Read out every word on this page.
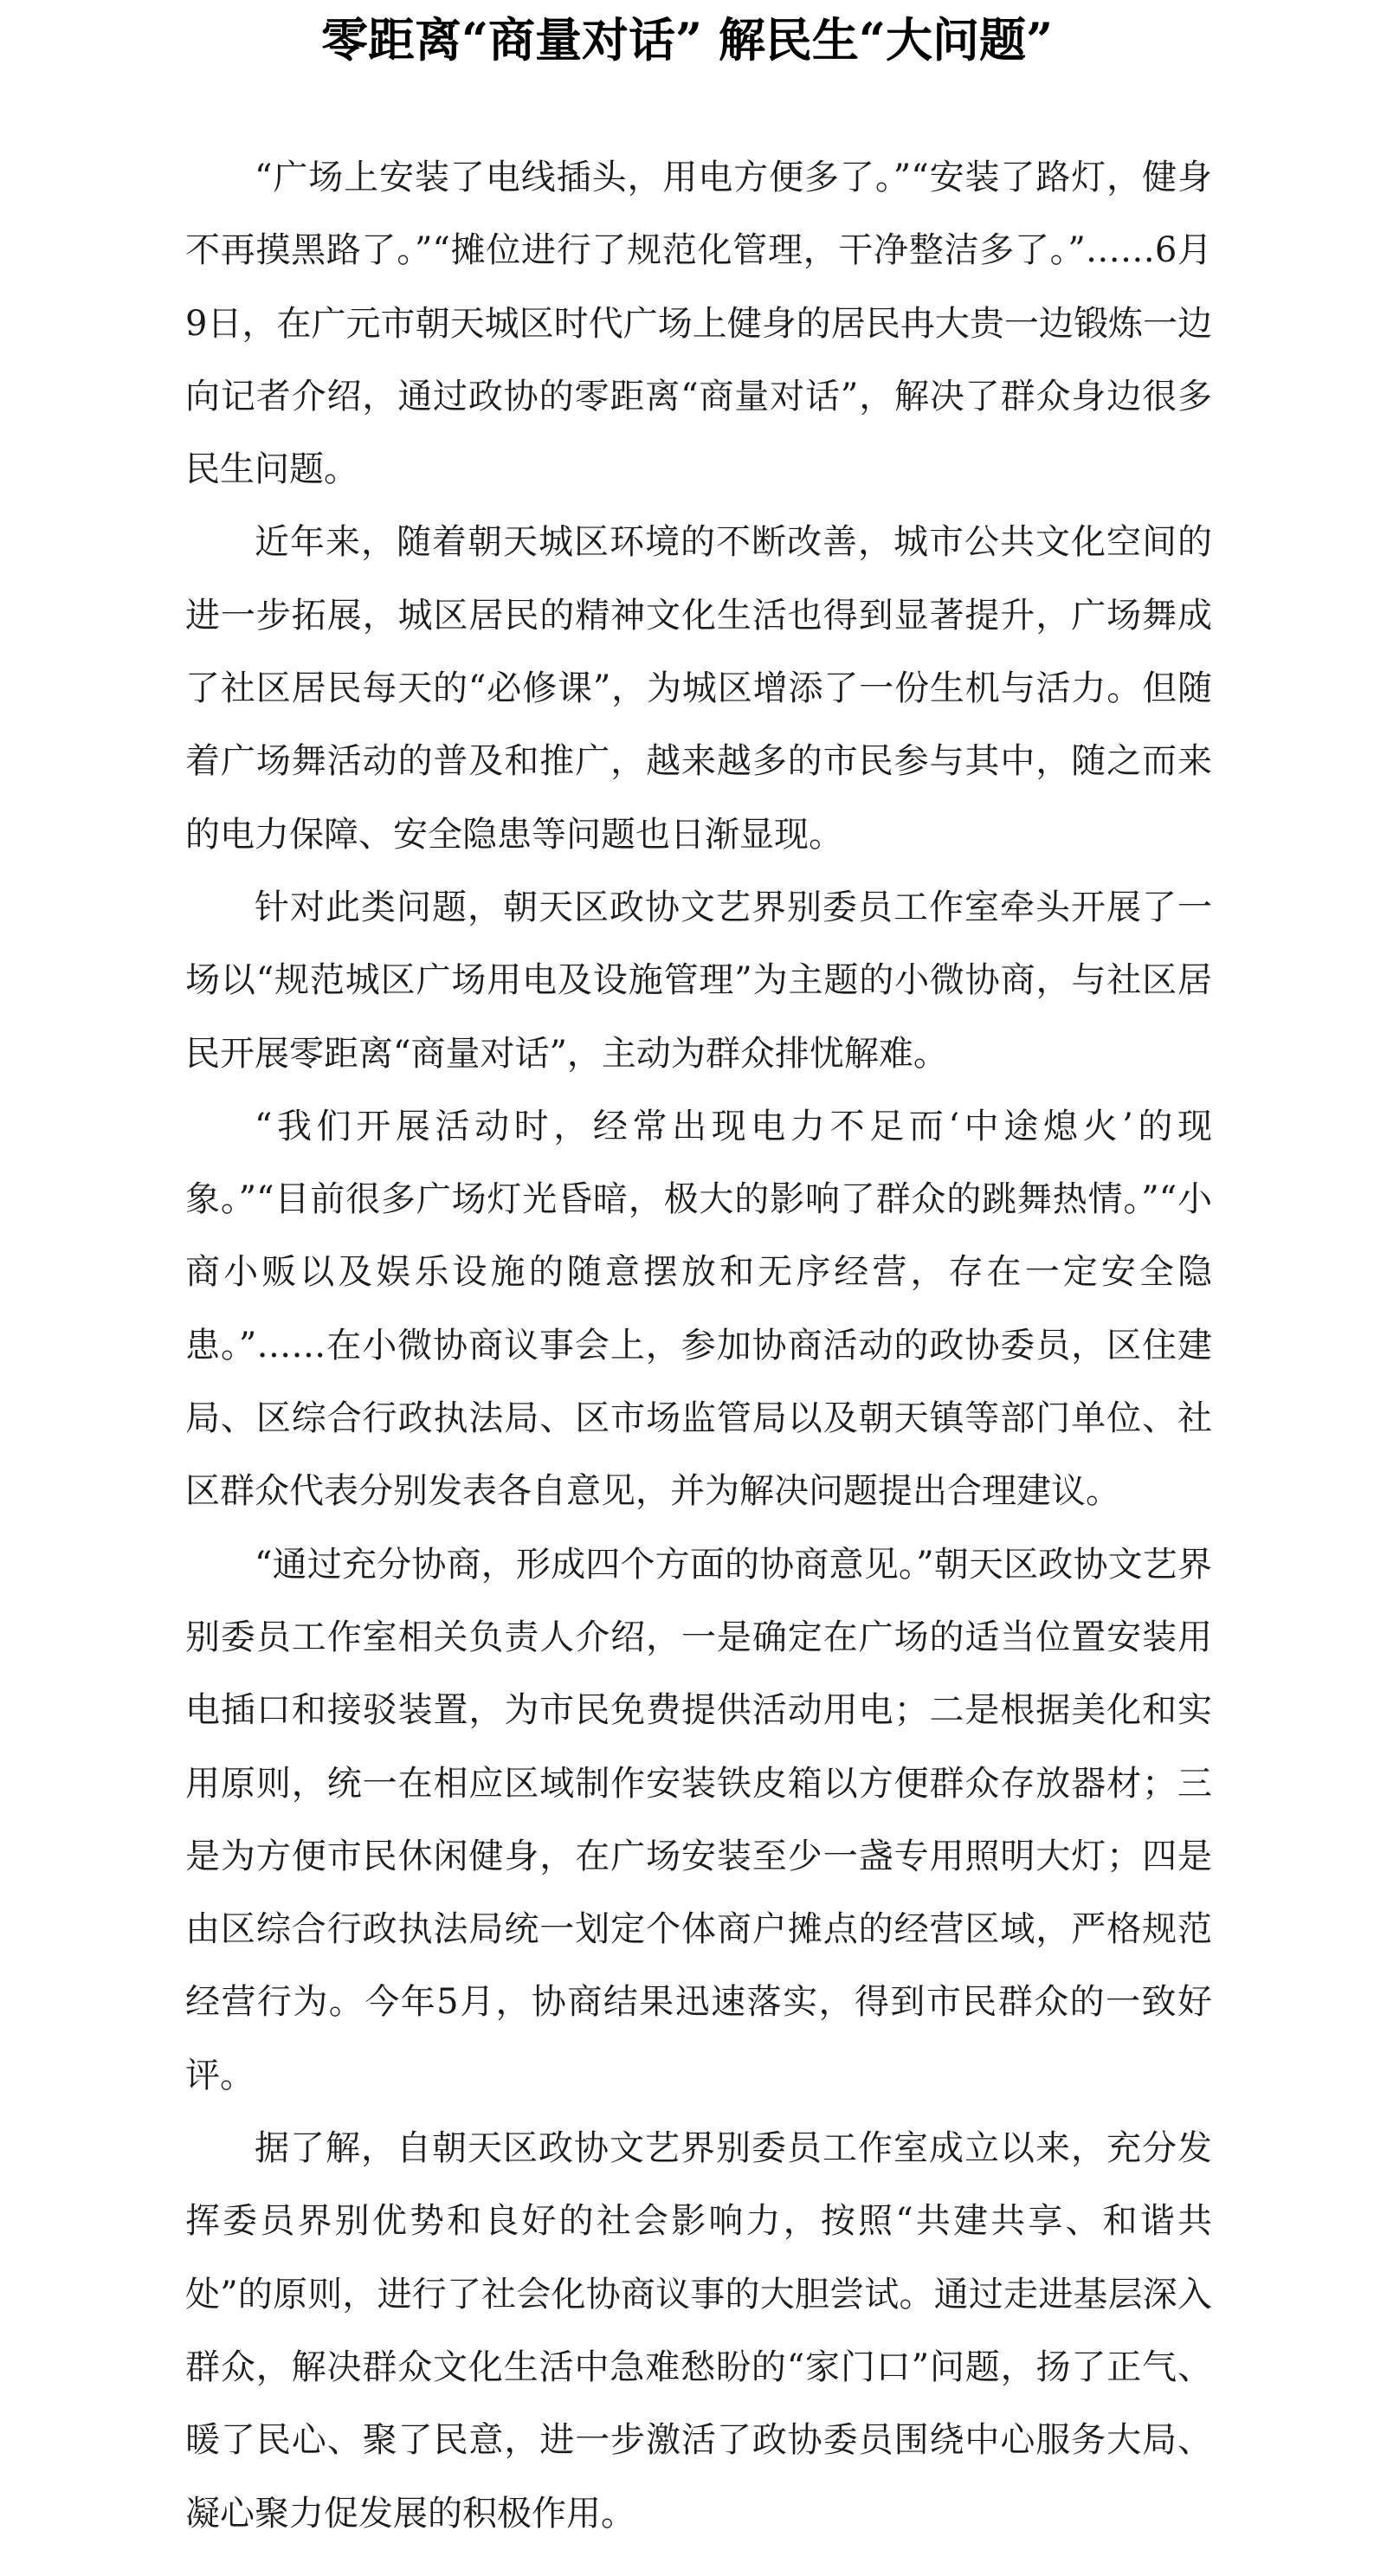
零距离“商量对话” 解民生“大问题”

“广场上安装了电线插头，用电方便多了。”“安装了路灯，健身不再摸黑路了。”“摊位进行了规范化管理，干净整洁多了。”……6月9日，在广元市朝天城区时代广场上健身的居民冉大贵一边锻炼一边向记者介绍，通过政协的零距离“商量对话”，解决了群众身边很多民生问题。

近年来，随着朝天城区环境的不断改善，城市公共文化空间的进一步拓展，城区居民的精神文化生活也得到显著提升，广场舞成了社区居民每天的“必修课”，为城区增添了一份生机与活力。但随着广场舞活动的普及和推广，越来越多的市民参与其中，随之而来的电力保障、安全隐患等问题也日渐显现。

针对此类问题，朝天区政协文艺界别委员工作室牵头开展了一场以“规范城区广场用电及设施管理”为主题的小微协商，与社区居民开展零距离“商量对话”，主动为群众排忧解难。

“我们开展活动时，经常出现电力不足而‘中途熄火’的现象。”“目前很多广场灯光昏暗，极大的影响了群众的跳舞热情。”“小商小贩以及娱乐设施的随意摆放和无序经营，存在一定安全隐患。”……在小微协商议事会上，参加协商活动的政协委员，区住建局、区综合行政执法局、区市场监管局以及朝天镇等部门单位、社区群众代表分别发表各自意见，并为解决问题提出合理建议。

“通过充分协商，形成四个方面的协商意见。”朝天区政协文艺界别委员工作室相关负责人介绍，一是确定在广场的适当位置安装用电插口和接驳装置，为市民免费提供活动用电；二是根据美化和实用原则，统一在相应区域制作安装铁皮箱以方便群众存放器材；三是为方便市民休闲健身，在广场安装至少一盏专用照明大灯；四是由区综合行政执法局统一划定个体商户摊点的经营区域，严格规范经营行为。今年5月，协商结果迅速落实，得到市民群众的一致好评。

据了解，自朝天区政协文艺界别委员工作室成立以来，充分发挥委员界别优势和良好的社会影响力，按照“共建共享、和谐共处”的原则，进行了社会化协商议事的大胆尝试。通过走进基层深入群众，解决群众文化生活中急难愁盼的“家门口”问题，扬了正气、暖了民心、聚了民意，进一步激活了政协委员围绕中心服务大局、凝心聚力促发展的积极作用。
